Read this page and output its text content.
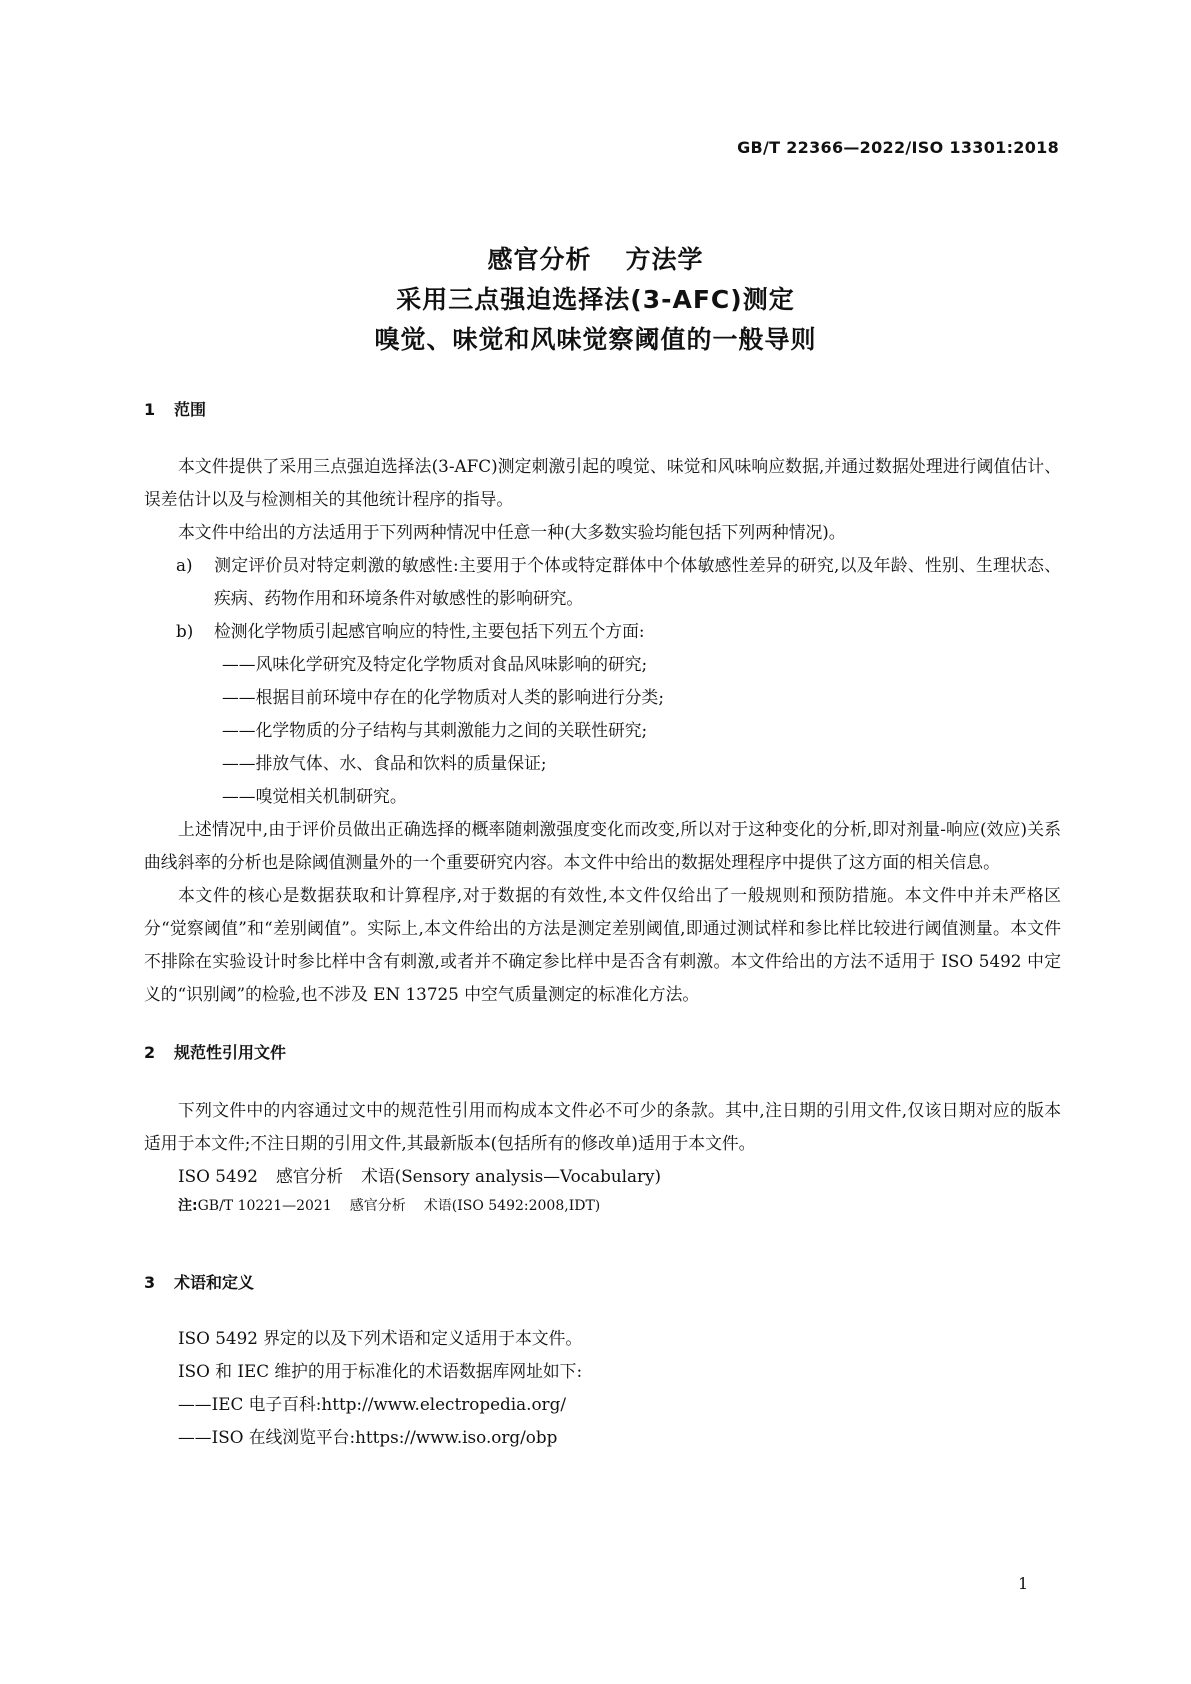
GB/T 22366—2022/ISO 13301:2018
感官分析 方法学
采用三点强迫选择法(3-AFC)测定
嗅觉、味觉和风味觉察阈值的一般导则
1 范围

本文件提供了采用三点强迫选择法(3-AFC)测定刺激引起的嗅觉、味觉和风味响应数据,并通过数据处理进行阈值估计、误差估计以及与检测相关的其他统计程序的指导。

本文件中给出的方法适用于下列两种情况中任意一种(大多数实验均能包括下列两种情况)。

a) 测定评价员对特定刺激的敏感性:主要用于个体或特定群体中个体敏感性差异的研究,以及年龄、性别、生理状态、疾病、药物作用和环境条件对敏感性的影响研究。

b) 检测化学物质引起感官响应的特性,主要包括下列五个方面:

——风味化学研究及特定化学物质对食品风味影响的研究;

——根据目前环境中存在的化学物质对人类的影响进行分类;

——化学物质的分子结构与其刺激能力之间的关联性研究;

——排放气体、水、食品和饮料的质量保证;

——嗅觉相关机制研究。

上述情况中,由于评价员做出正确选择的概率随刺激强度变化而改变,所以对于这种变化的分析,即对剂量-响应(效应)关系曲线斜率的分析也是除阈值测量外的一个重要研究内容。本文件中给出的数据处理程序中提供了这方面的相关信息。

本文件的核心是数据获取和计算程序,对于数据的有效性,本文件仅给出了一般规则和预防措施。本文件中并未严格区分“觉察阈值”和“差别阈值”。实际上,本文件给出的方法是测定差别阈值,即通过测试样和参比样比较进行阈值测量。本文件不排除在实验设计时参比样中含有刺激,或者并不确定参比样中是否含有刺激。本文件给出的方法不适用于 ISO 5492 中定义的“识别阈”的检验,也不涉及 EN 13725 中空气质量测定的标准化方法。

2 规范性引用文件

下列文件中的内容通过文中的规范性引用而构成本文件必不可少的条款。其中,注日期的引用文件,仅该日期对应的版本适用于本文件;不注日期的引用文件,其最新版本(包括所有的修改单)适用于本文件。

ISO 5492 感官分析 术语(Sensory analysis—Vocabulary)

注:GB/T 10221—2021 感官分析 术语(ISO 5492:2008,IDT)

3 术语和定义

ISO 5492 界定的以及下列术语和定义适用于本文件。

ISO 和 IEC 维护的用于标准化的术语数据库网址如下:

——IEC 电子百科:http://www.electropedia.org/

——ISO 在线浏览平台:https://www.iso.org/obp

1
